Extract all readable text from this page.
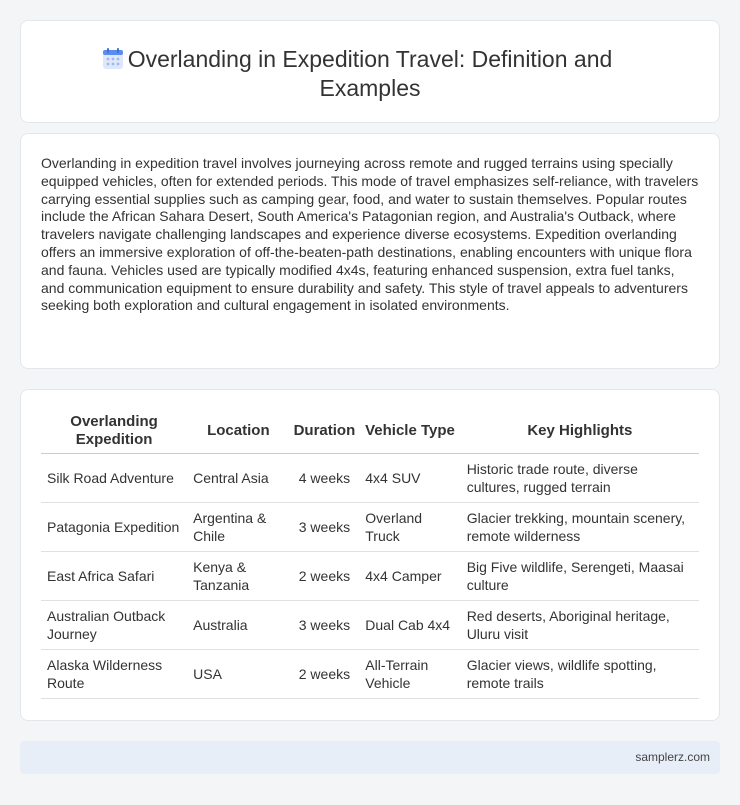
Overlanding in Expedition Travel: Definition and Examples

Overlanding in expedition travel involves journeying across remote and rugged terrains using specially equipped vehicles, often for extended periods. This mode of travel emphasizes self-reliance, with travelers carrying essential supplies such as camping gear, food, and water to sustain themselves. Popular routes include the African Sahara Desert, South America's Patagonian region, and Australia's Outback, where travelers navigate challenging landscapes and experience diverse ecosystems. Expedition overlanding offers an immersive exploration of off-the-beaten-path destinations, enabling encounters with unique flora and fauna. Vehicles used are typically modified 4x4s, featuring enhanced suspension, extra fuel tanks, and communication equipment to ensure durability and safety. This style of travel appeals to adventurers seeking both exploration and cultural engagement in isolated environments.

Overlanding Expedition	Location	Duration	Vehicle Type	Key Highlights
Silk Road Adventure	Central Asia	4 weeks	4x4 SUV	Historic trade route, diverse cultures, rugged terrain
Patagonia Expedition	Argentina & Chile	3 weeks	Overland Truck	Glacier trekking, mountain scenery, remote wilderness
East Africa Safari	Kenya & Tanzania	2 weeks	4x4 Camper	Big Five wildlife, Serengeti, Maasai culture
Australian Outback Journey	Australia	3 weeks	Dual Cab 4x4	Red deserts, Aboriginal heritage, Uluru visit
Alaska Wilderness Route	USA	2 weeks	All-Terrain Vehicle	Glacier views, wildlife spotting, remote trails
samplerz.com
